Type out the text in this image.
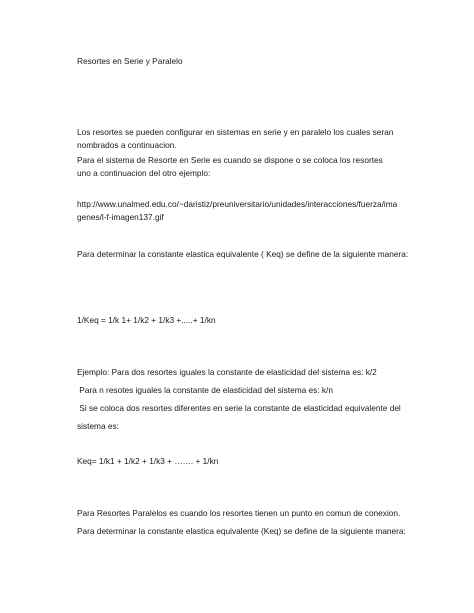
Resortes en Serie y Paralelo
Los resortes se pueden configurar en sistemas en serie y en paralelo los cuales seran nombrados a continuacion.
Para el sistema de Resorte en Serie es cuando se dispone o se coloca los resortes uno a continuacion del otro ejemplo:
http://www.unalmed.edu.co/~daristiz/preuniversitario/unidades/interacciones/fuerza/ima
genes/l-f-imagen137.gif
Para determinar la constante elastica equivalente ( Keq) se define de la siguiente manera:
1/Keq = 1/k 1+ 1/k2 + 1/k3 +.....+ 1/kn
Ejemplo: Para dos resortes iguales la constante de elasticidad del sistema es: k/2
Para n resotes iguales la constante de elasticidad del sistema es: k/n
Si se coloca dos resortes diferentes en serie la constante de elasticidad equivalente del
sistema es:
Keq= 1/k1 + 1/k2 + 1/k3 + ……. + 1/kn
Para Resortes Paralelos es cuando los resortes tienen un punto en comun de conexion.
Para determinar la constante elastica equivalente (Keq) se define de la siguiente manera:
